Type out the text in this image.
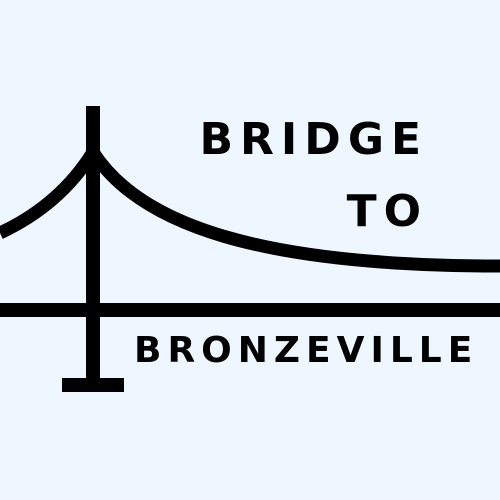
BRIDGE
TO
BRONZEVILLE
